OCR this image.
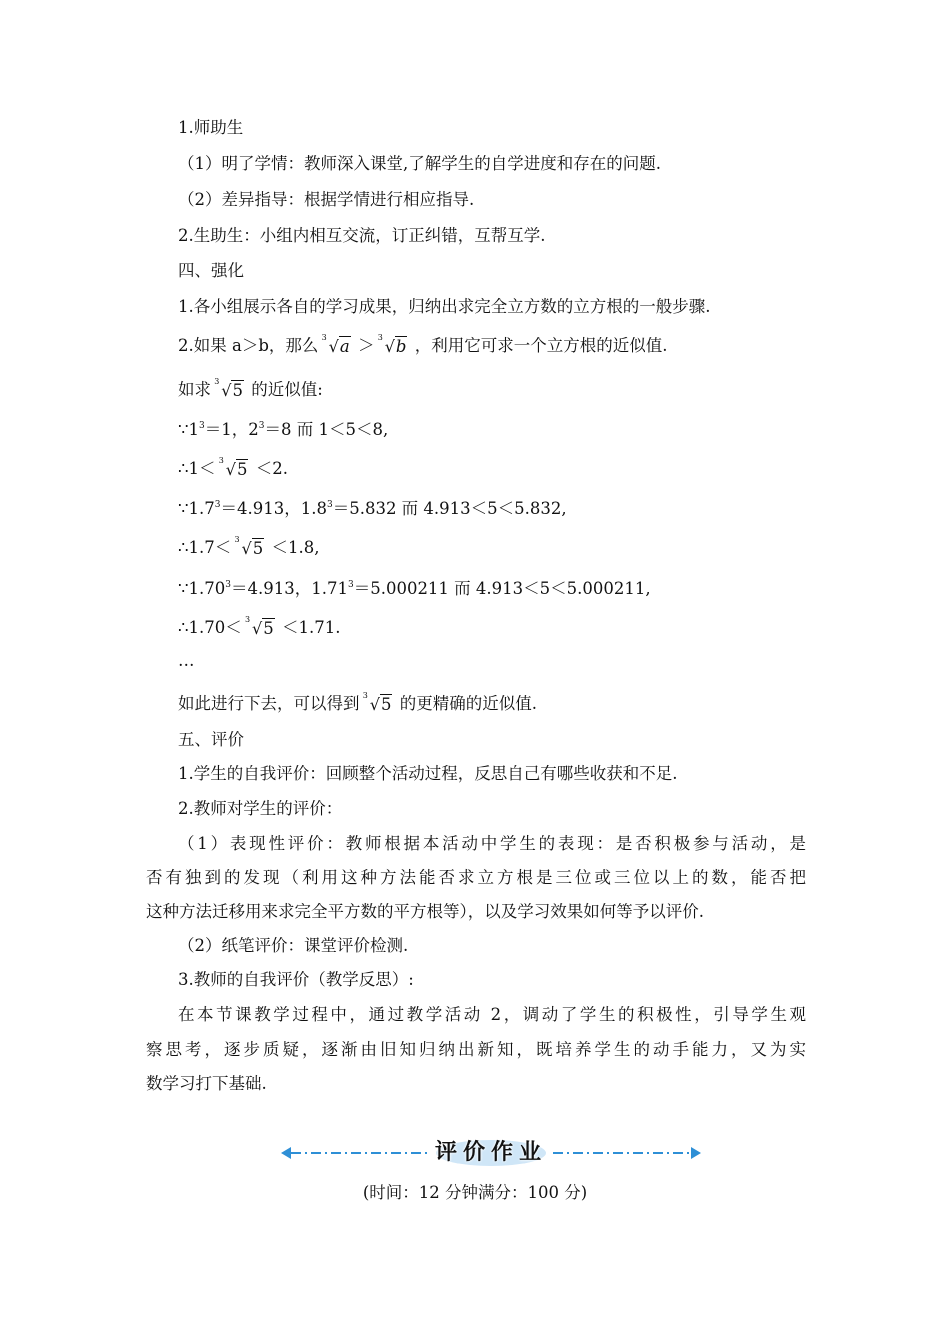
1.师助生
（1）明了学情：教师深入课堂,了解学生的自学进度和存在的问题.
（2）差异指导：根据学情进行相应指导.
2.生助生：小组内相互交流，订正纠错，互帮互学.
四、强化
1.各小组展示各自的学习成果，归纳出求完全立方数的立方根的一般步骤.
2.如果 a＞b，那么 3 √a ＞ 3 √b ，利用它可求一个立方根的近似值.
如求 3 √5 的近似值:
$\because 1^3=1$，$2^3=8$ 而 1＜5＜8,
∴1＜ 3 √5 ＜2.
$\because 1.7^3=4.913$，$1.8^3=5.832$ 而 4.913＜5＜5.832,
∴1.7＜ 3 √5 ＜1.8,
$\because 1.70^3=4.913$，$1.71^3=5.000211$ 而 4.913＜5＜5.000211,
∴1.70＜ 3 √5 ＜1.71.
…
如此进行下去，可以得到 3 √5 的更精确的近似值.
五、评价
1.学生的自我评价：回顾整个活动过程，反思自己有哪些收获和不足.
2.教师对学生的评价：
（1）表现性评价：教师根据本活动中学生的表现：是否积极参与活动，是
否有独到的发现（利用这种方法能否求立方根是三位或三位以上的数，能否把
这种方法迁移用来求完全平方数的平方根等），以及学习效果如何等予以评价.
（2）纸笔评价：课堂评价检测.
3.教师的自我评价（教学反思）:
在本节课教学过程中，通过教学活动 2，调动了学生的积极性，引导学生观
察思考，逐步质疑，逐渐由旧知归纳出新知，既培养学生的动手能力，又为实
数学习打下基础.
评价作业
(时间：12 分钟满分：100 分)
